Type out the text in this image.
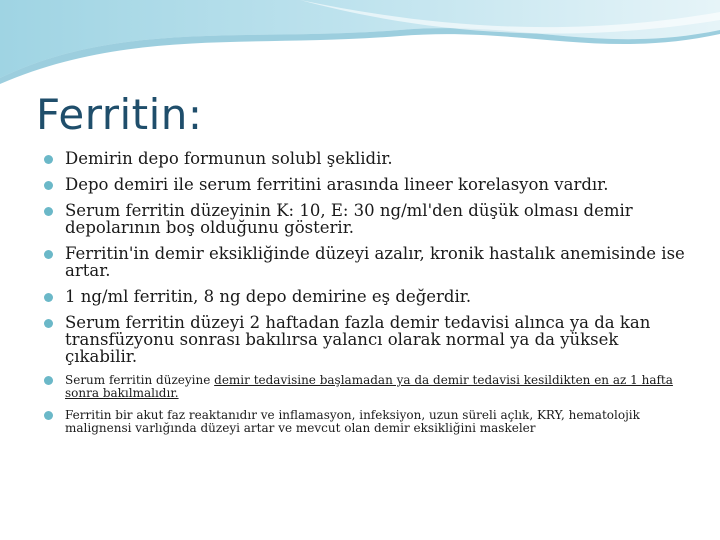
Ferritin:
Demirin depo formunun solubl şeklidir.
Depo demiri ile serum ferritini arasında lineer korelasyon vardır.
Serum ferritin düzeyinin K: 10, E: 30 ng/ml'den düşük olması demir depolarının boş olduğunu gösterir.
Ferritin'in demir eksikliğinde düzeyi azalır, kronik hastalık anemisinde ise artar.
1 ng/ml ferritin, 8 ng depo demirine eş değerdir.
Serum ferritin düzeyi 2 haftadan fazla demir tedavisi alınca ya da kan transfüzyonu sonrası bakılırsa yalancı olarak normal ya da yüksek çıkabilir.
Serum ferritin düzeyine demir tedavisine başlamadan ya da demir tedavisi kesildikten en az 1 hafta sonra bakılmalıdır.
Ferritin bir akut faz reaktanıdır ve inflamasyon, infeksiyon, uzun süreli açlık, KRY, hematolojik malignensi varlığında düzeyi artar ve mevcut olan demir eksikliğini maskeler
